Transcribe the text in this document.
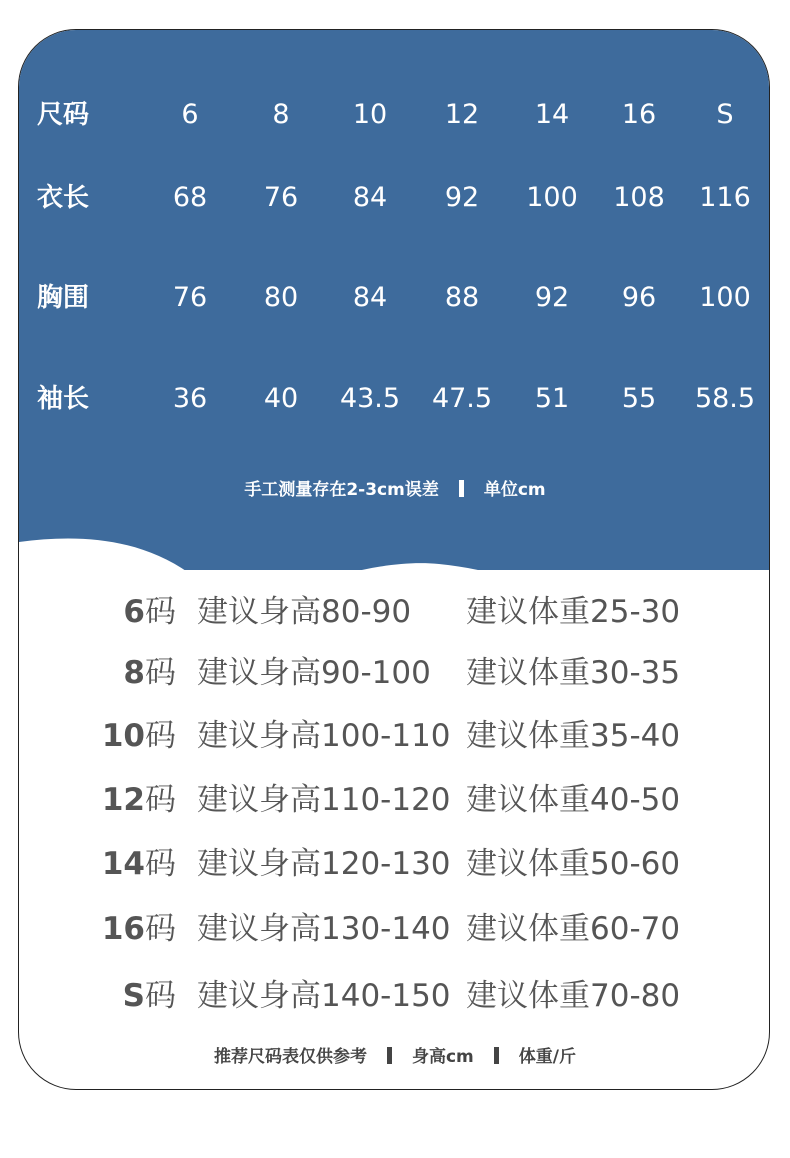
尺码	6	8	10	12	14	16	S
衣长	68	76	84	92	100	108	116
胸围	76	80	84	88	92	96	100
袖长	36	40	43.5	47.5	51	55	58.5
手工测量存在2-3cm误差	单位cm
6码 建议身高80-90 建议体重25-30
8码 建议身高90-100 建议体重30-35
10码 建议身高100-110 建议体重35-40
12码 建议身高110-120 建议体重40-50
14码 建议身高120-130 建议体重50-60
16码 建议身高130-140 建议体重60-70
S码 建议身高140-150 建议体重70-80
推荐尺码表仅供参考	身高cm	体重/斤
